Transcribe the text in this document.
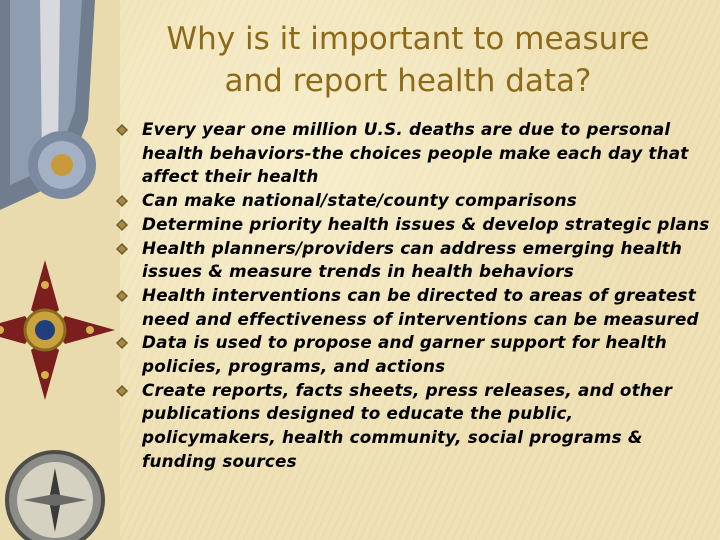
Why is it important to measure
and report health data?
Every year one million U.S. deaths are due to personal health behaviors-the choices people make each day that affect their health
Can make national/state/county comparisons
Determine priority health issues & develop strategic plans
Health planners/providers can address emerging health issues & measure trends in health behaviors
Health interventions can be directed to areas of greatest need and effectiveness of interventions can be measured
Data is used to propose and garner support for health policies, programs, and actions
Create reports, facts sheets, press releases, and other publications designed to educate the public, policymakers, health community, social programs & funding sources
